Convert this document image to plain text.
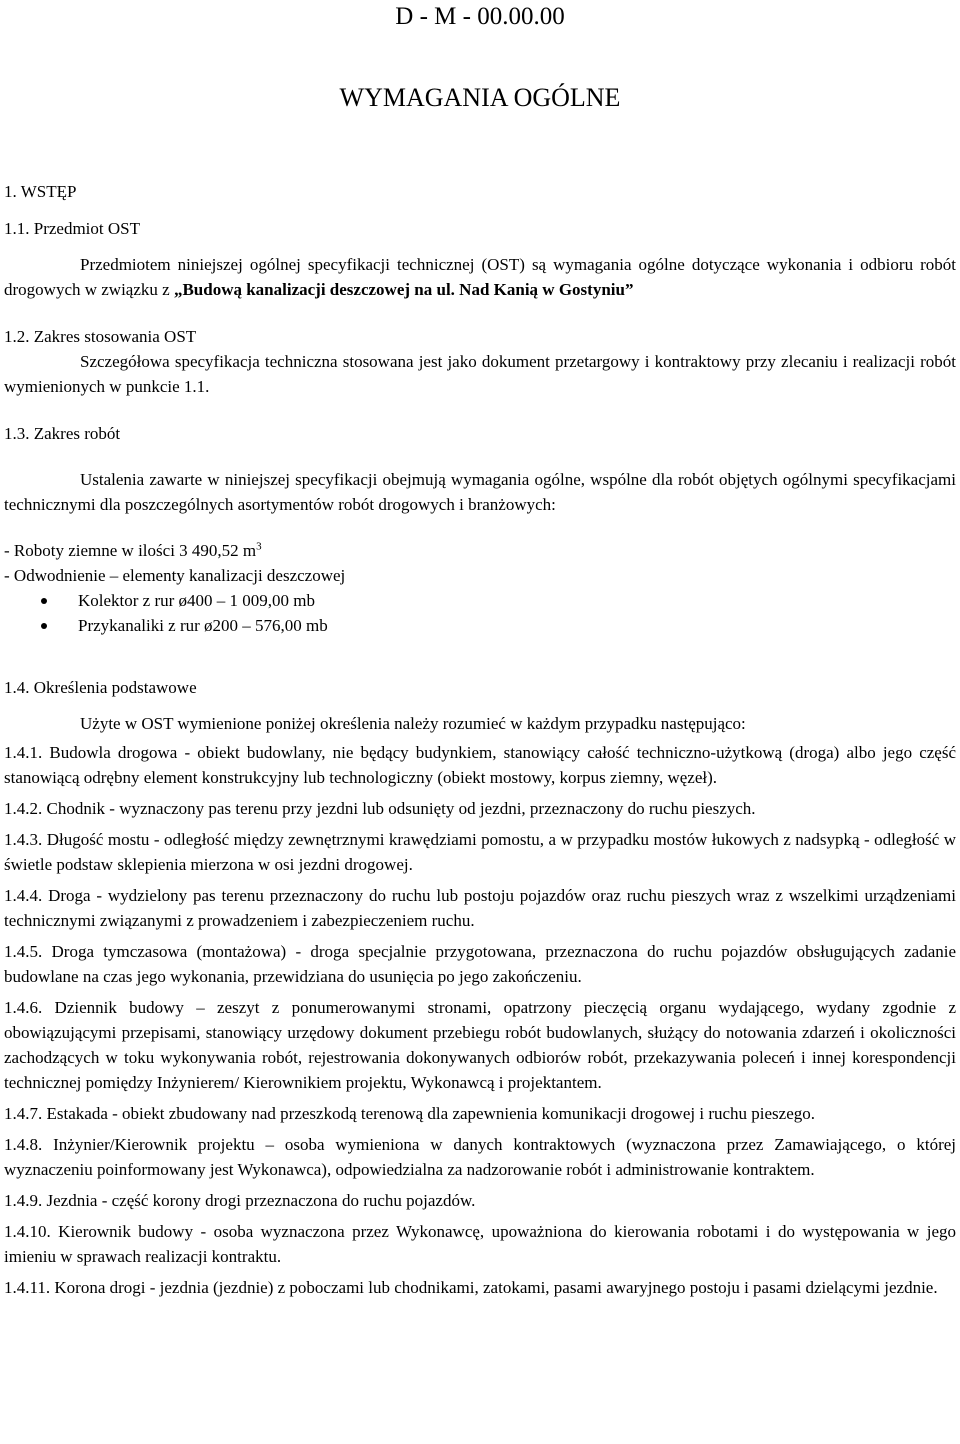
D - M - 00.00.00
WYMAGANIA OGÓLNE

1. WSTĘP

1.1. Przedmiot OST

Przedmiotem niniejszej ogólnej specyfikacji technicznej (OST) są wymagania ogólne dotyczące wykonania i odbioru robót drogowych w związku z „Budową kanalizacji deszczowej na ul. Nad Kanią w Gostyniu”

1.2. Zakres stosowania OST

Szczegółowa specyfikacja techniczna stosowana jest jako dokument przetargowy i kontraktowy przy zlecaniu i realizacji robót wymienionych w punkcie 1.1.

1.3. Zakres robót

Ustalenia zawarte w niniejszej specyfikacji obejmują wymagania ogólne, wspólne dla robót objętych ogólnymi specyfikacjami technicznymi dla poszczególnych asortymentów robót drogowych i branżowych:

- Roboty ziemne w ilości 3 490,52 $m^3$

- Odwodnienie – elementy kanalizacji deszczowej

Kolektor z rur ø400 – 1 009,00 mb
Przykanaliki z rur ø200 – 576,00 mb

1.4. Określenia podstawowe

Użyte w OST wymienione poniżej określenia należy rozumieć w każdym przypadku następująco:

1.4.1. Budowla drogowa - obiekt budowlany, nie będący budynkiem, stanowiący całość techniczno-użytkową (droga) albo jego część stanowiącą odrębny element konstrukcyjny lub technologiczny (obiekt mostowy, korpus ziemny, węzeł).

1.4.2. Chodnik - wyznaczony pas terenu przy jezdni lub odsunięty od jezdni, przeznaczony do ruchu pieszych.

1.4.3. Długość mostu - odległość między zewnętrznymi krawędziami pomostu, a w przypadku mostów łukowych z nadsypką - odległość w świetle podstaw sklepienia mierzona w osi jezdni drogowej.

1.4.4. Droga - wydzielony pas terenu przeznaczony do ruchu lub postoju pojazdów oraz ruchu pieszych wraz z wszelkimi urządzeniami technicznymi związanymi z prowadzeniem i zabezpieczeniem ruchu.

1.4.5. Droga tymczasowa (montażowa) - droga specjalnie przygotowana, przeznaczona do ruchu pojazdów obsługujących zadanie budowlane na czas jego wykonania, przewidziana do usunięcia po jego zakończeniu.

1.4.6. Dziennik budowy – zeszyt z ponumerowanymi stronami, opatrzony pieczęcią organu wydającego, wydany zgodnie z obowiązującymi przepisami, stanowiący urzędowy dokument przebiegu robót budowlanych, służący do notowania zdarzeń i okoliczności zachodzących w toku wykonywania robót, rejestrowania dokonywanych odbiorów robót, przekazywania poleceń i innej korespondencji technicznej pomiędzy Inżynierem/ Kierownikiem projektu, Wykonawcą i projektantem.

1.4.7. Estakada - obiekt zbudowany nad przeszkodą terenową dla zapewnienia komunikacji drogowej i ruchu pieszego.

1.4.8. Inżynier/Kierownik projektu – osoba wymieniona w danych kontraktowych (wyznaczona przez Zamawiającego, o której wyznaczeniu poinformowany jest Wykonawca), odpowiedzialna za nadzorowanie robót i administrowanie kontraktem.

1.4.9. Jezdnia - część korony drogi przeznaczona do ruchu pojazdów.

1.4.10. Kierownik budowy - osoba wyznaczona przez Wykonawcę, upoważniona do kierowania robotami i do występowania w jego imieniu w sprawach realizacji kontraktu.

1.4.11. Korona drogi - jezdnia (jezdnie) z poboczami lub chodnikami, zatokami, pasami awaryjnego postoju i pasami dzielącymi jezdnie.
